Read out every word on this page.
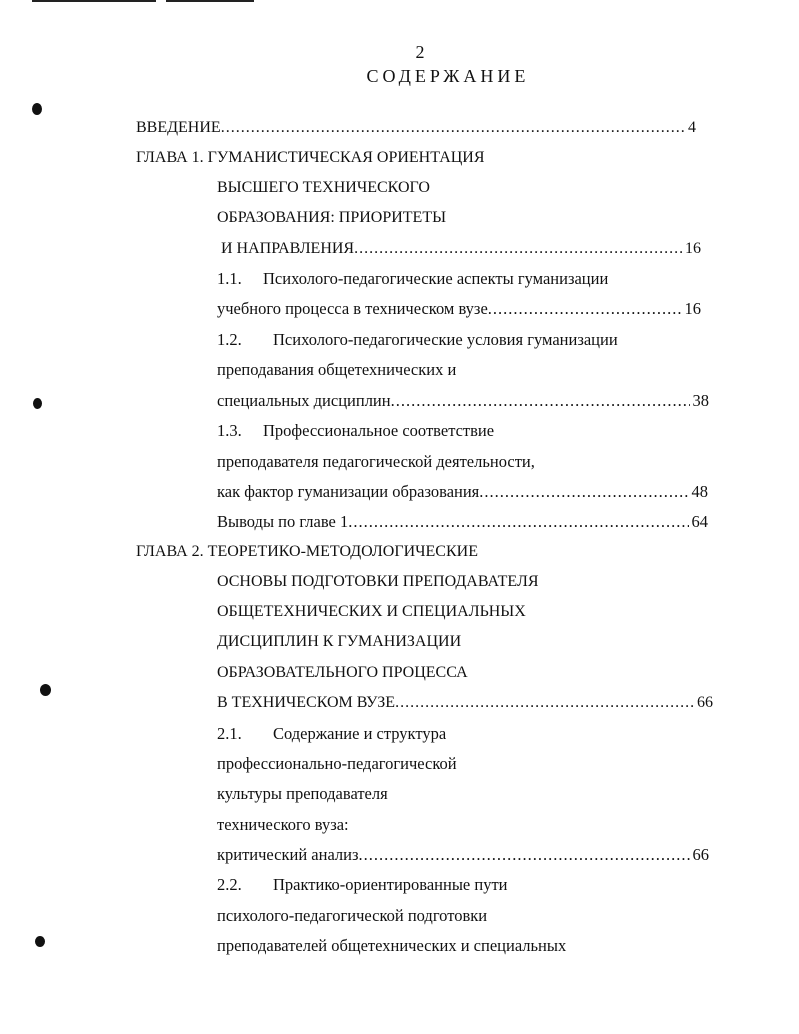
2
СОДЕРЖАНИЕ
ВВЕДЕНИЕ .....	4
ГЛАВА 1. ГУМАНИСТИЧЕСКАЯ ОРИЕНТАЦИЯ
ВЫСШЕГО ТЕХНИЧЕСКОГО
ОБРАЗОВАНИЯ: ПРИОРИТЕТЫ
И НАПРАВЛЕНИЯ .....	16
1.1. Психолого-педагогические аспекты гуманизации
учебного процесса в техническом вузе .....	16
1.2. Психолого-педагогические условия гуманизации
преподавания общетехнических и
специальных дисциплин .....	38
1.3. Профессиональное соответствие
преподавателя педагогической деятельности,
как фактор гуманизации образования .....	48
Выводы по главе 1 .....	64
ГЛАВА 2. ТЕОРЕТИКО-МЕТОДОЛОГИЧЕСКИЕ
ОСНОВЫ ПОДГОТОВКИ ПРЕПОДАВАТЕЛЯ
ОБЩЕТЕХНИЧЕСКИХ И СПЕЦИАЛЬНЫХ
ДИСЦИПЛИН К ГУМАНИЗАЦИИ
ОБРАЗОВАТЕЛЬНОГО ПРОЦЕССА
В ТЕХНИЧЕСКОМ ВУЗЕ .....	66
2.1. Содержание и структура
профессионально-педагогической
культуры преподавателя
технического вуза:
критический анализ .....	66
2.2. Практико-ориентированные пути
психолого-педагогической подготовки
преподавателей общетехнических и специальных
